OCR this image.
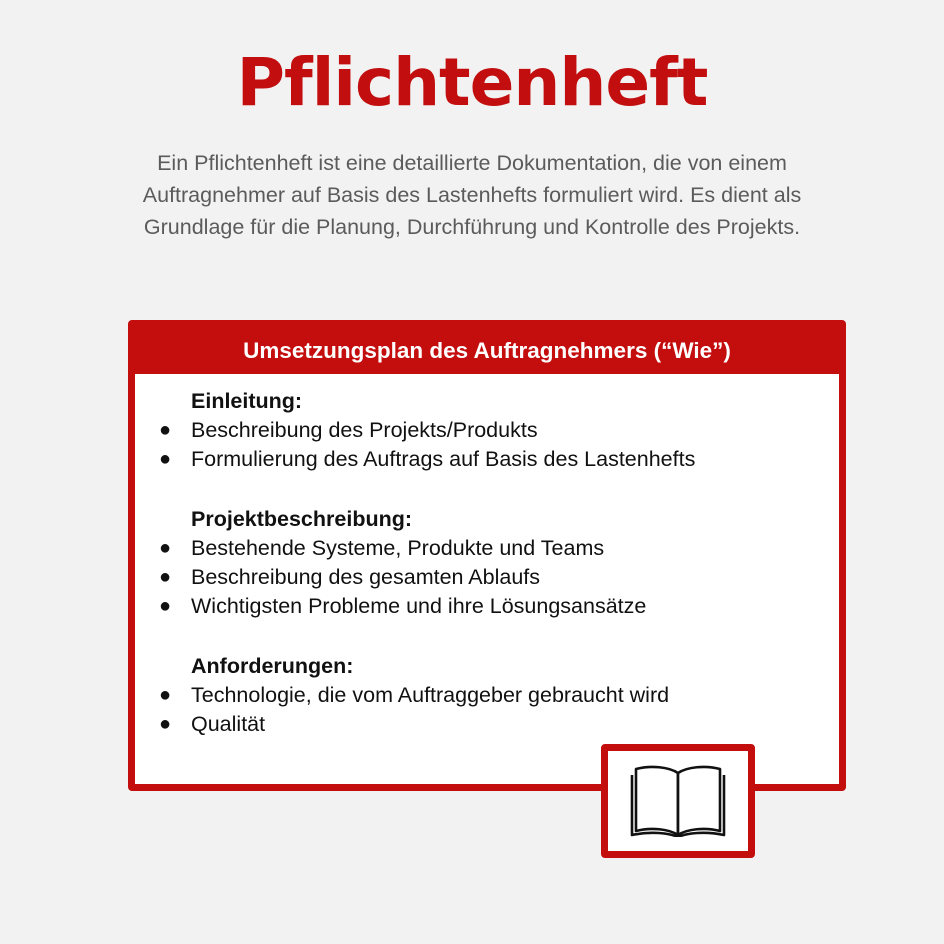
Pflichtenheft
Ein Pflichtenheft ist eine detaillierte Dokumentation, die von einem Auftragnehmer auf Basis des Lastenhefts formuliert wird. Es dient als Grundlage für die Planung, Durchführung und Kontrolle des Projekts.
Umsetzungsplan des Auftragnehmers (“Wie”)
Einleitung:
● Beschreibung des Projekts/Produkts
● Formulierung des Auftrags auf Basis des Lastenhefts
Projektbeschreibung:
● Bestehende Systeme, Produkte und Teams
● Beschreibung des gesamten Ablaufs
● Wichtigsten Probleme und ihre Lösungsansätze
Anforderungen:
● Technologie, die vom Auftraggeber gebraucht wird
● Qualität
